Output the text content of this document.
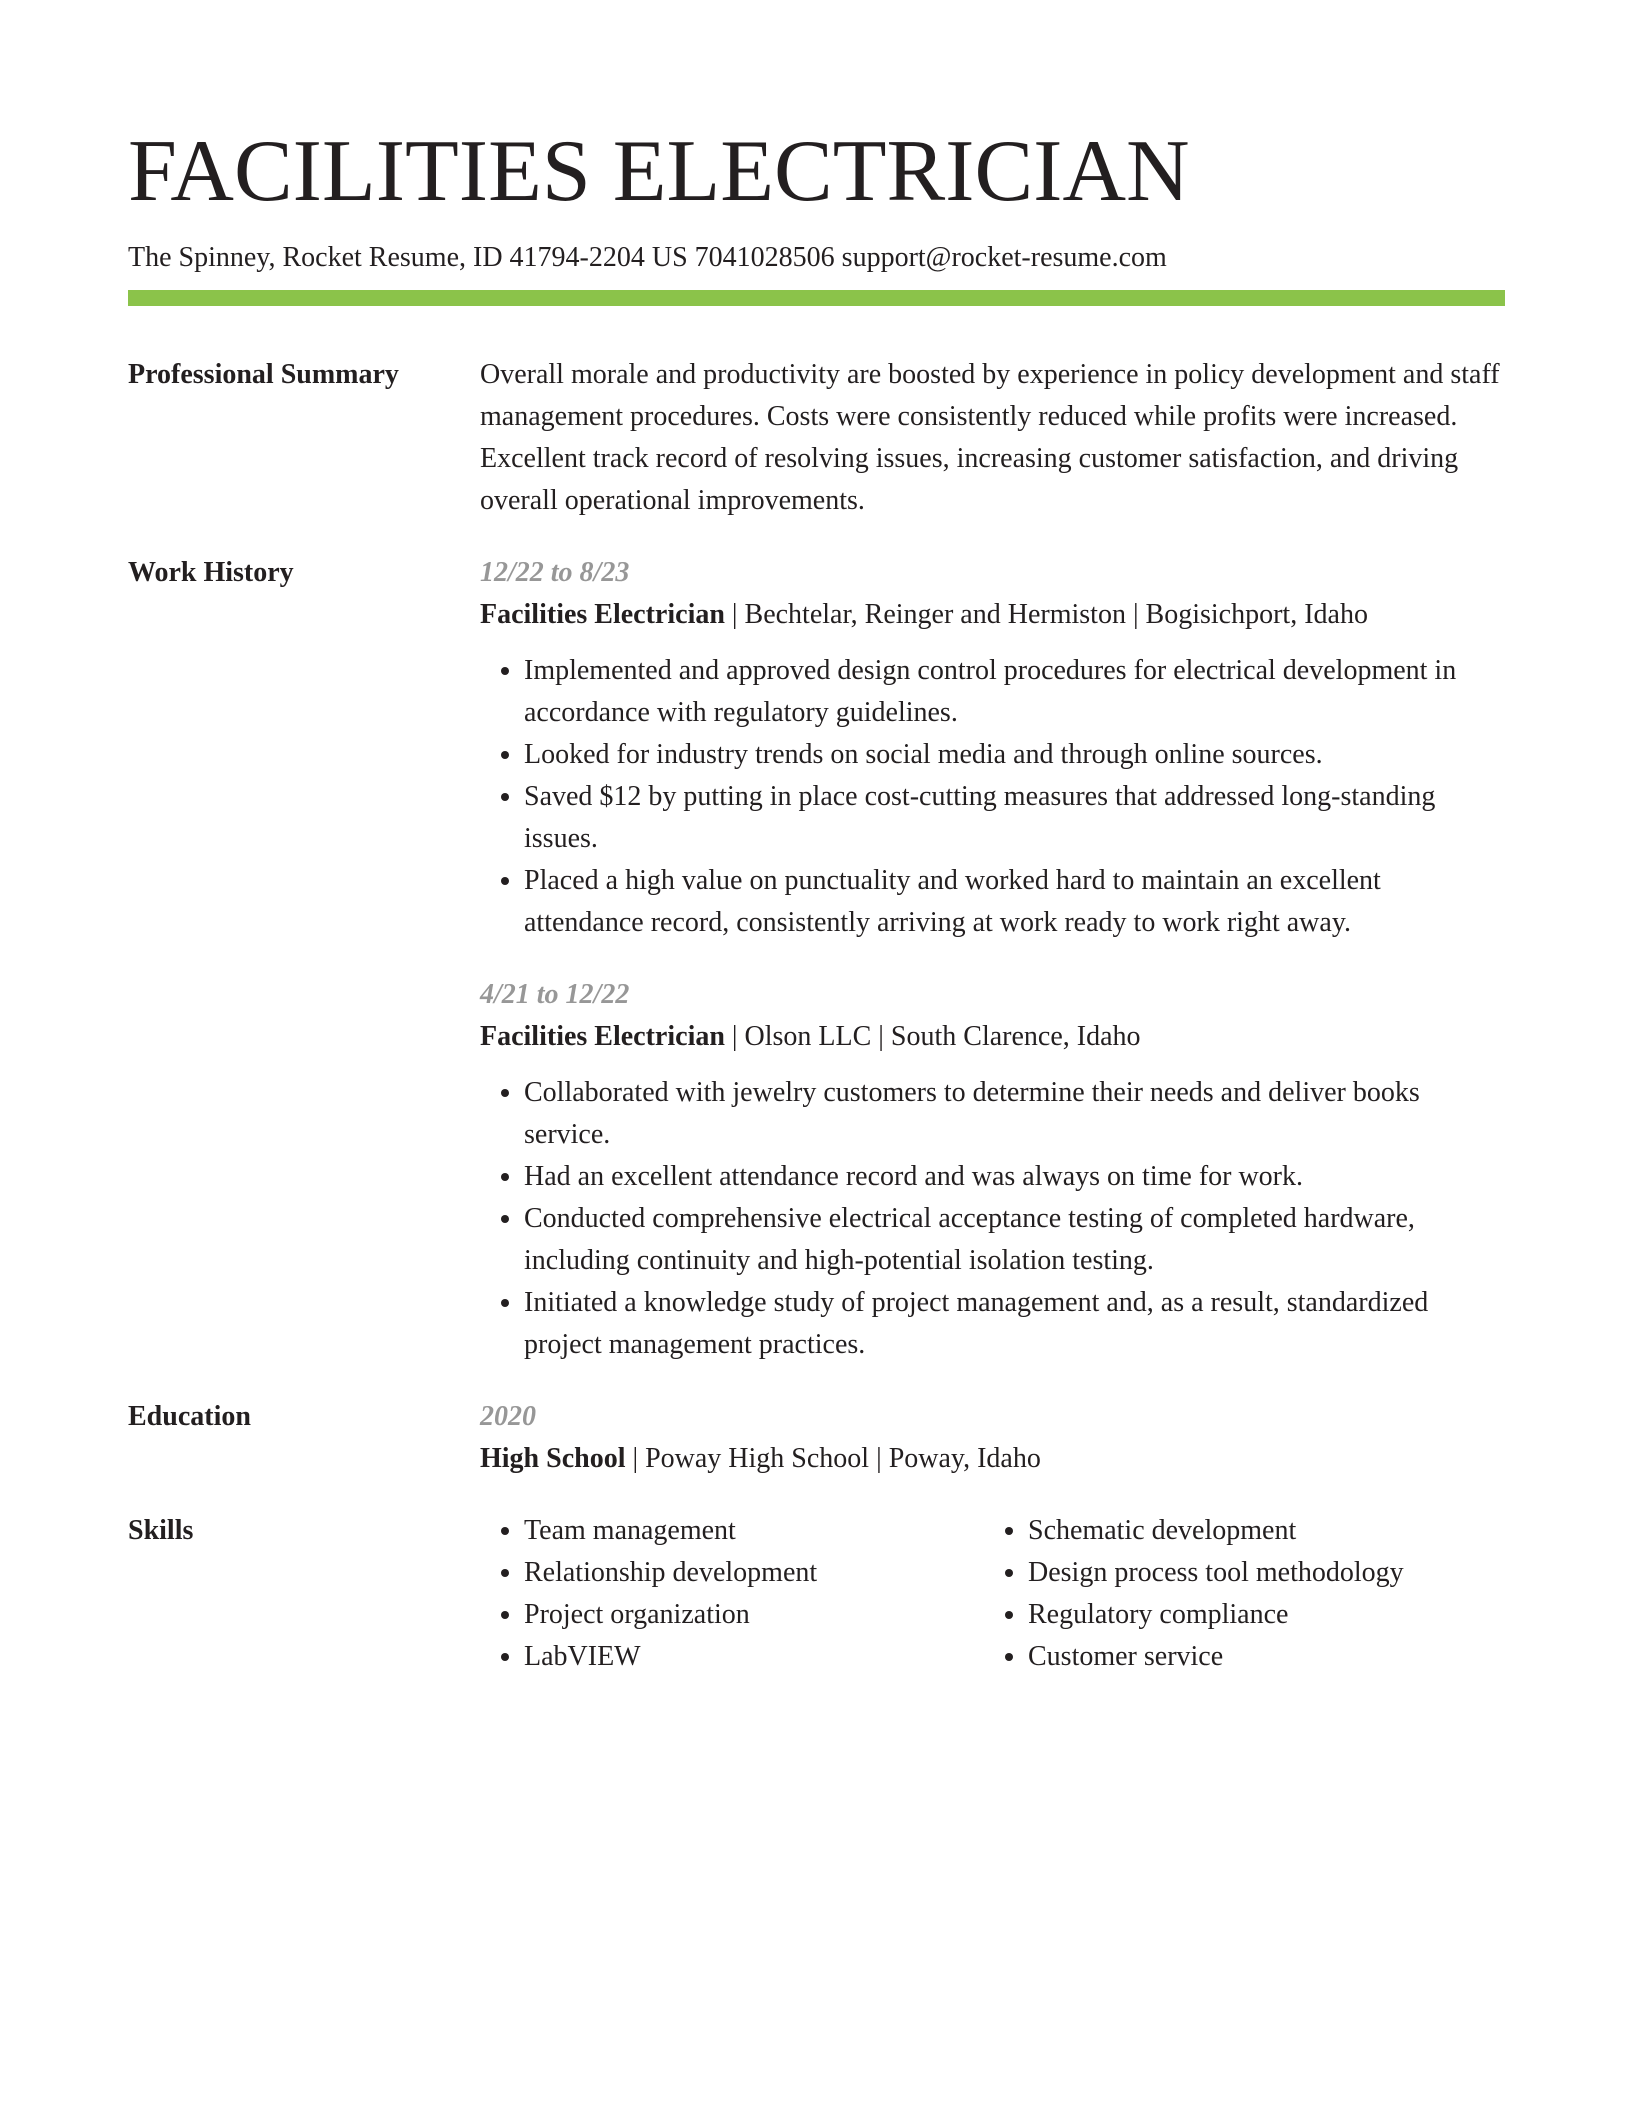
FACILITIES ELECTRICIAN
The Spinney, Rocket Resume, ID 41794-2204 US 7041028506 support@rocket-resume.com
Professional Summary	Overall morale and productivity are boosted by experience in policy development and staff management procedures. Costs were consistently reduced while profits were increased. Excellent track record of resolving issues, increasing customer satisfaction, and driving overall operational improvements.
Work History	12/22 to 8/23
Facilities Electrician | Bechtelar, Reinger and Hermiston | Bogisichport, Idaho
• Implemented and approved design control procedures for electrical development in accordance with regulatory guidelines.
• Looked for industry trends on social media and through online sources.
• Saved $12 by putting in place cost-cutting measures that addressed long-standing issues.
• Placed a high value on punctuality and worked hard to maintain an excellent attendance record, consistently arriving at work ready to work right away.
4/21 to 12/22
Facilities Electrician | Olson LLC | South Clarence, Idaho
• Collaborated with jewelry customers to determine their needs and deliver books service.
• Had an excellent attendance record and was always on time for work.
• Conducted comprehensive electrical acceptance testing of completed hardware, including continuity and high-potential isolation testing.
• Initiated a knowledge study of project management and, as a result, standardized project management practices.
Education	2020
High School | Poway High School | Poway, Idaho
Skills
•	Team management
• Relationship development
• Project organization
• LabVIEW
• Schematic development
• Design process tool methodology
• Regulatory compliance
• Customer service
